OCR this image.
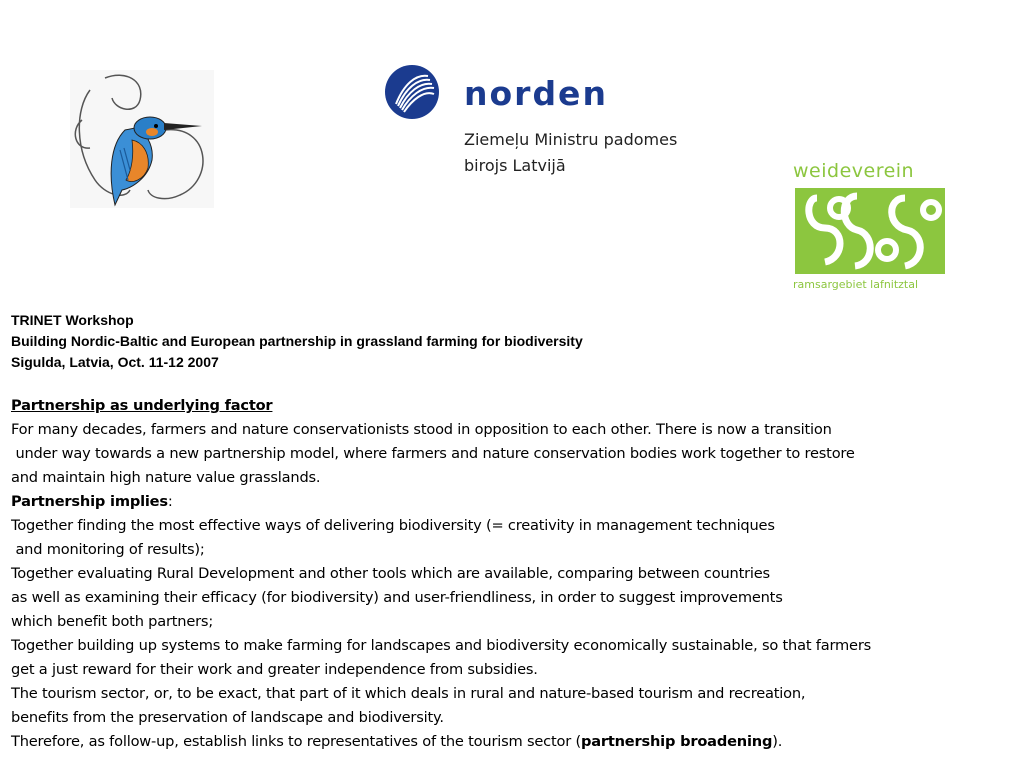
norden
Ziemeļu Ministru padomes
birojs Latvijā	weideverein
ramsargebiet lafnitztal
TRINET Workshop
Building Nordic-Baltic and European partnership in grassland farming for biodiversity
Sigulda, Latvia, Oct. 11-12 2007
Partnership as underlying factor
For many decades, farmers and nature conservationists stood in opposition to each other. There is now a transition
under way towards a new partnership model, where farmers and nature conservation bodies work together to restore
and maintain high nature value grasslands.
Partnership implies:
Together finding the most effective ways of delivering biodiversity (= creativity in management techniques
and monitoring of results);
Together evaluating Rural Development and other tools which are available, comparing between countries
as well as examining their efficacy (for biodiversity) and user-friendliness, in order to suggest improvements
which benefit both partners;
Together building up systems to make farming for landscapes and biodiversity economically sustainable, so that farmers
get a just reward for their work and greater independence from subsidies.
The tourism sector, or, to be exact, that part of it which deals in rural and nature-based tourism and recreation,
benefits from the preservation of landscape and biodiversity.
Therefore, as follow-up, establish links to representatives of the tourism sector (partnership broadening).
